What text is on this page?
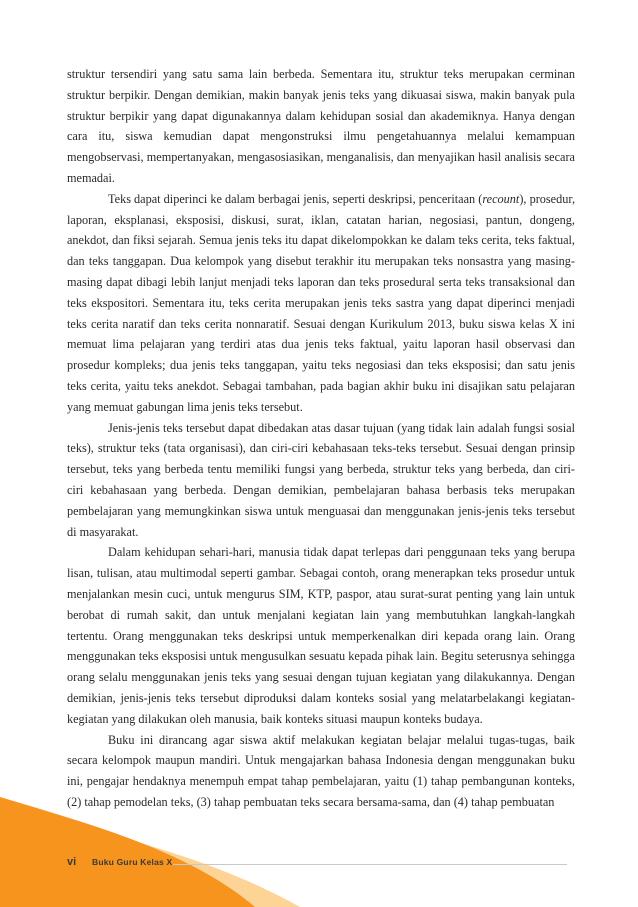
struktur tersendiri yang satu sama lain berbeda. Sementara itu, struktur teks merupakan cerminan struktur berpikir. Dengan demikian, makin banyak jenis teks yang dikuasai siswa, makin banyak pula struktur berpikir yang dapat digunakannya dalam kehidupan sosial dan akademiknya. Hanya dengan cara itu, siswa kemudian dapat mengonstruksi ilmu pengetahuannya melalui kemampuan mengobservasi, mempertanyakan, mengasosiasikan, menganalisis, dan menyajikan hasil analisis secara memadai.

Teks dapat diperinci ke dalam berbagai jenis, seperti deskripsi, penceritaan (recount), prosedur, laporan, eksplanasi, eksposisi, diskusi, surat, iklan, catatan harian, negosiasi, pantun, dongeng, anekdot, dan fiksi sejarah. Semua jenis teks itu dapat dikelompokkan ke dalam teks cerita, teks faktual, dan teks tanggapan. Dua kelompok yang disebut terakhir itu merupakan teks nonsastra yang masing-masing dapat dibagi lebih lanjut menjadi teks laporan dan teks prosedural serta teks transaksional dan teks ekspositori. Sementara itu, teks cerita merupakan jenis teks sastra yang dapat diperinci menjadi teks cerita naratif dan teks cerita nonnaratif. Sesuai dengan Kurikulum 2013, buku siswa kelas X ini memuat lima pelajaran yang terdiri atas dua jenis teks faktual, yaitu laporan hasil observasi dan prosedur kompleks; dua jenis teks tanggapan, yaitu teks negosiasi dan teks eksposisi; dan satu jenis teks cerita, yaitu teks anekdot. Sebagai tambahan, pada bagian akhir buku ini disajikan satu pelajaran yang memuat gabungan lima jenis teks tersebut.

Jenis-jenis teks tersebut dapat dibedakan atas dasar tujuan (yang tidak lain adalah fungsi sosial teks), struktur teks (tata organisasi), dan ciri-ciri kebahasaan teks-teks tersebut. Sesuai dengan prinsip tersebut, teks yang berbeda tentu memiliki fungsi yang berbeda, struktur teks yang berbeda, dan ciri-ciri kebahasaan yang berbeda. Dengan demikian, pembelajaran bahasa berbasis teks merupakan pembelajaran yang memungkinkan siswa untuk menguasai dan menggunakan jenis-jenis teks tersebut di masyarakat.

Dalam kehidupan sehari-hari, manusia tidak dapat terlepas dari penggunaan teks yang berupa lisan, tulisan, atau multimodal seperti gambar. Sebagai contoh, orang menerapkan teks prosedur untuk menjalankan mesin cuci, untuk mengurus SIM, KTP, paspor, atau surat-surat penting yang lain untuk berobat di rumah sakit, dan untuk menjalani kegiatan lain yang membutuhkan langkah-langkah tertentu. Orang menggunakan teks deskripsi untuk memperkenalkan diri kepada orang lain. Orang menggunakan teks eksposisi untuk mengusulkan sesuatu kepada pihak lain. Begitu seterusnya sehingga orang selalu menggunakan jenis teks yang sesuai dengan tujuan kegiatan yang dilakukannya. Dengan demikian, jenis-jenis teks tersebut diproduksi dalam konteks sosial yang melatarbelakangi kegiatan-kegiatan yang dilakukan oleh manusia, baik konteks situasi maupun konteks budaya.

Buku ini dirancang agar siswa aktif melakukan kegiatan belajar melalui tugas-tugas, baik secara kelompok maupun mandiri. Untuk mengajarkan bahasa Indonesia dengan menggunakan buku ini, pengajar hendaknya menempuh empat tahap pembelajaran, yaitu (1) tahap pembangunan konteks, (2) tahap pemodelan teks, (3) tahap pembuatan teks secara bersama-sama, dan (4) tahap pembuatan

vi Buku Guru Kelas X
